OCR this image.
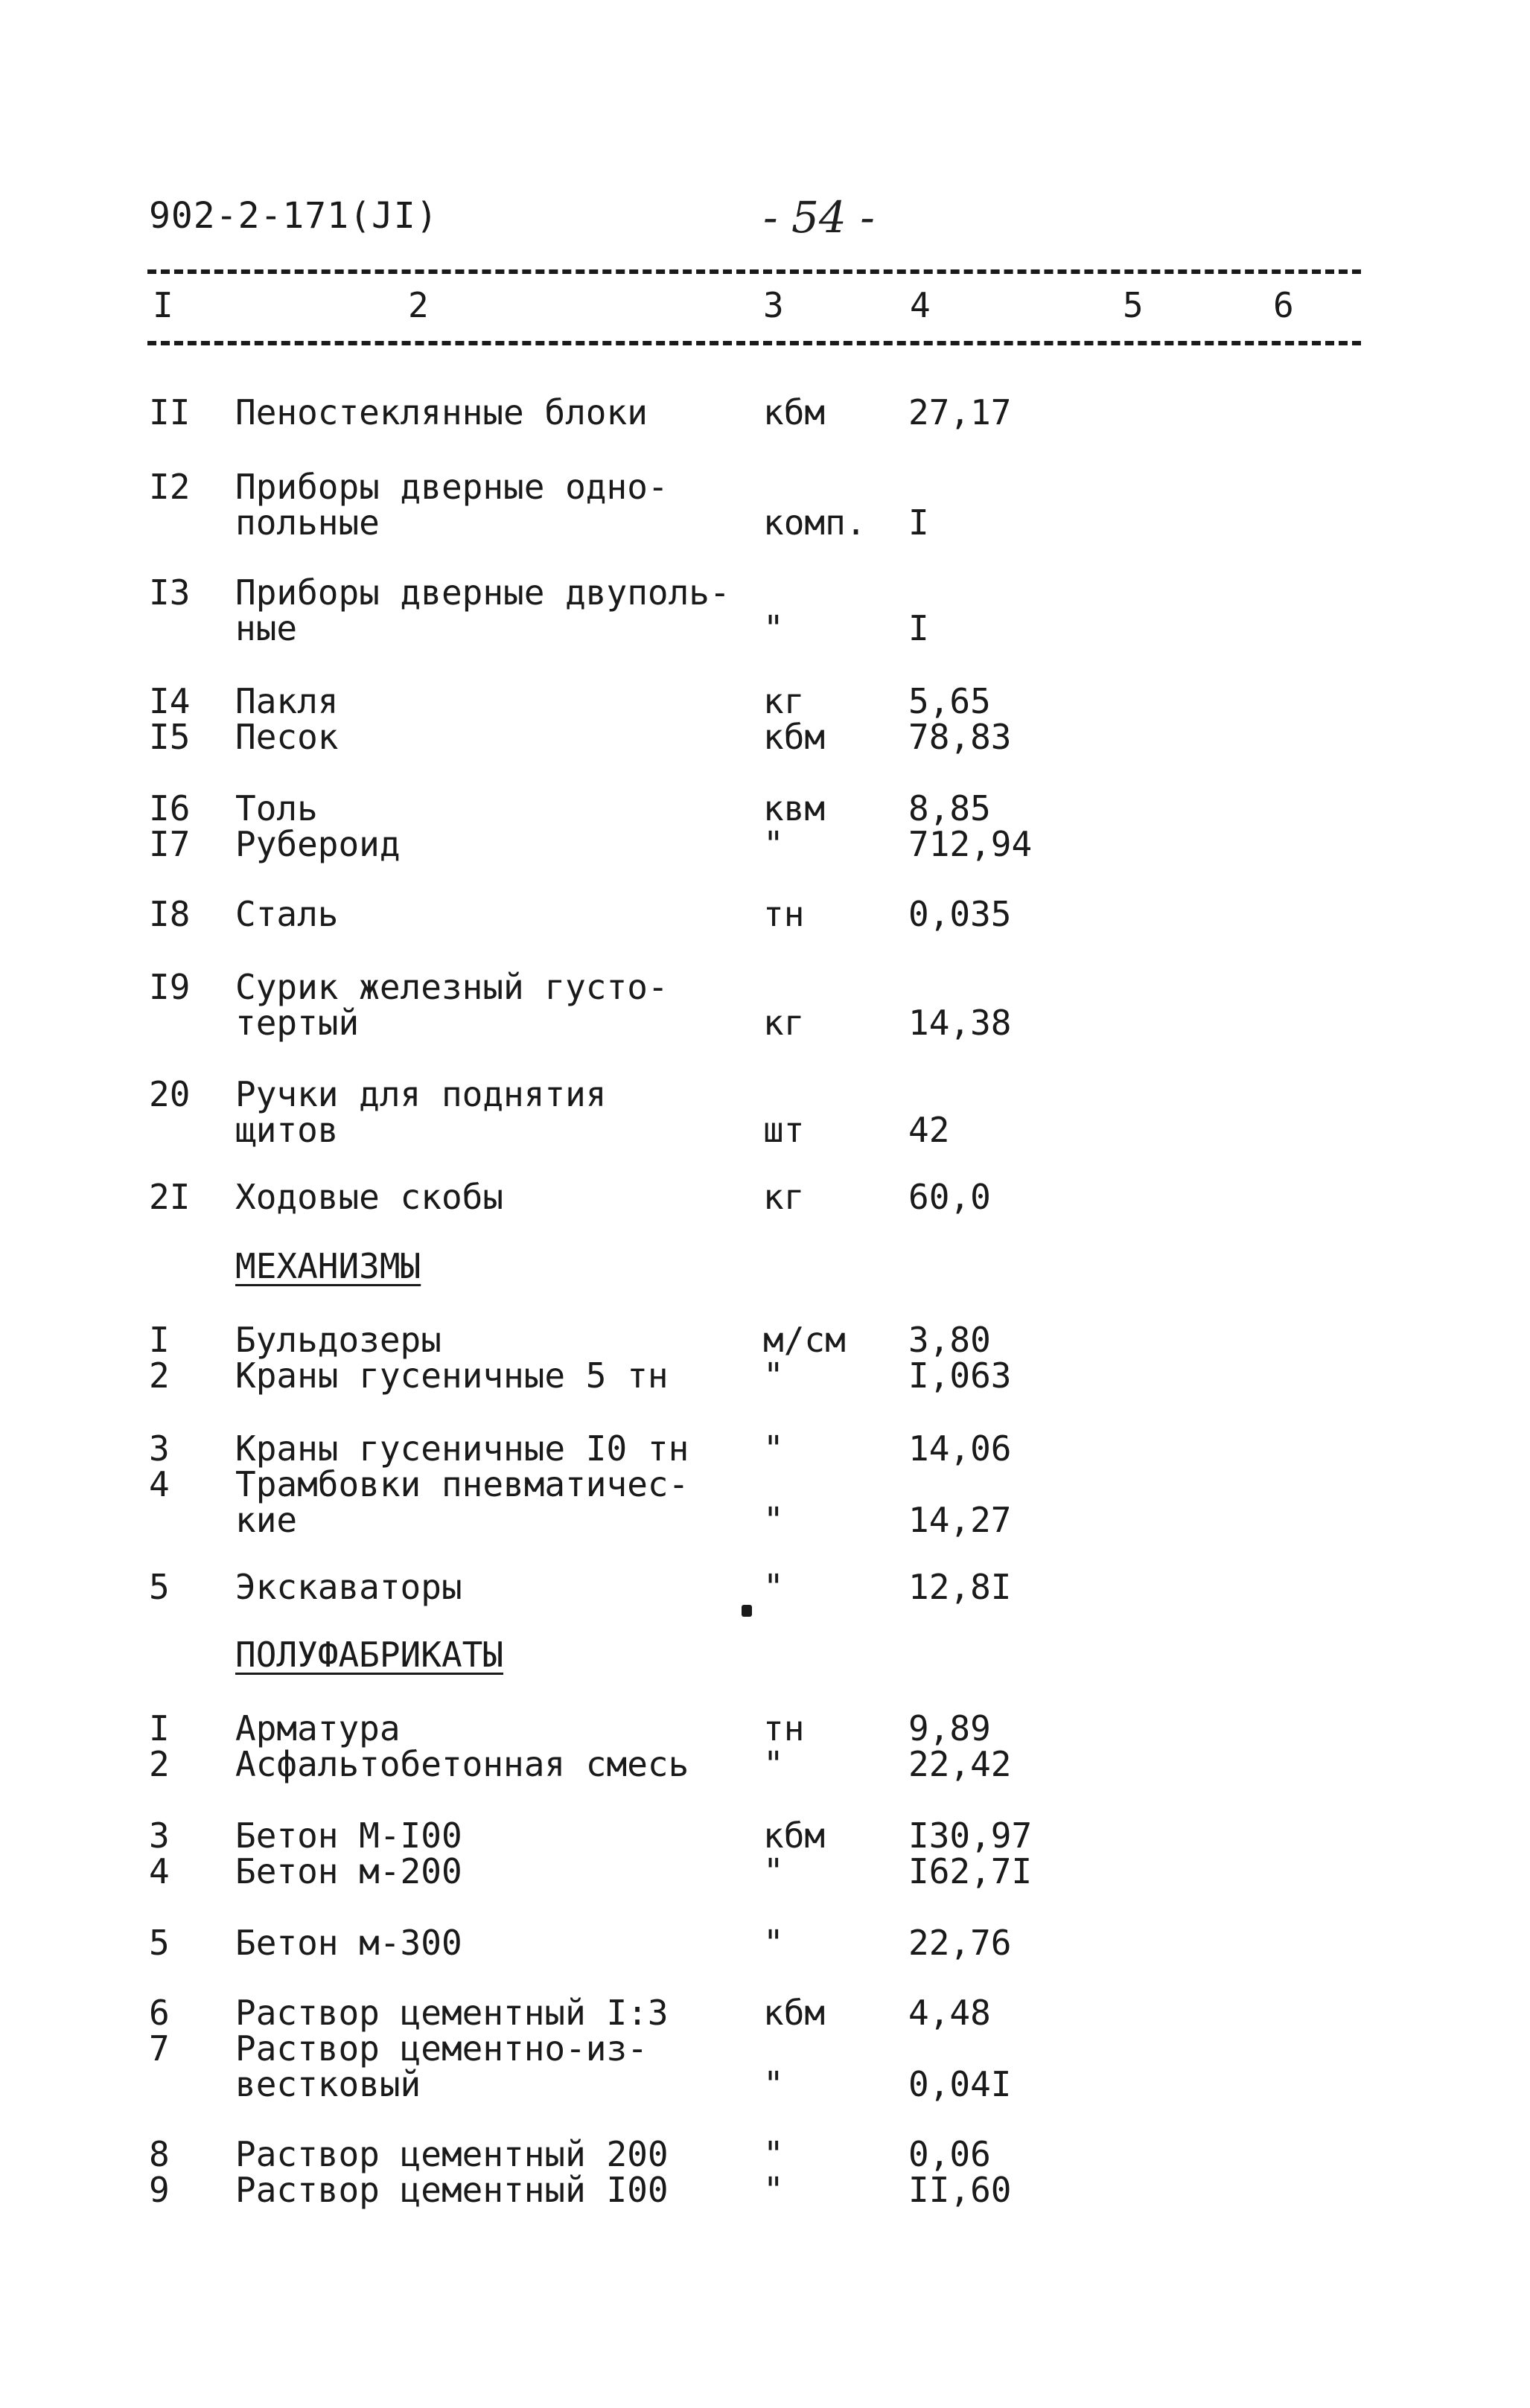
902-2-171(JI)	- 54 -
I	2	3	4	5	6
II	Пеностеклянные блоки	кбм	27,17
I2	Приборы дверные одно-
польные	комп.	I
I3	Приборы дверные двуполь-
ные	"	I
I4	Пакля	кг	5,65
I5	Песок	кбм	78,83
I6	Толь	квм	8,85
I7	Рубероид	"	712,94
I8	Сталь	тн	0,035
I9	Сурик железный густо-
тертый	кг	14,38
20	Ручки для поднятия
щитов	шт	42
2I	Ходовые скобы	кг	60,0
МЕХАНИЗМЫ
I	Бульдозеры	м/см	3,80
2	Краны гусеничные 5 тн	"	I,063
3	Краны гусеничные I0 тн	"	14,06
4	Трамбовки пневматичес-
кие	"	14,27
5	Экскаваторы	"	12,8I
ПОЛУФАБРИКАТЫ
I	Арматура	тн	9,89
2	Асфальтобетонная смесь	"	22,42
3	Бетон М-I00	кбм	I30,97
4	Бетон м-200	"	I62,7I
5	Бетон м-300	"	22,76
6	Раствор цементный I:3	кбм	4,48
7	Раствор цементно-из-
вестковый	"	0,04I
8	Раствор цементный 200	"	0,06
9	Раствор цементный I00	"	II,60
